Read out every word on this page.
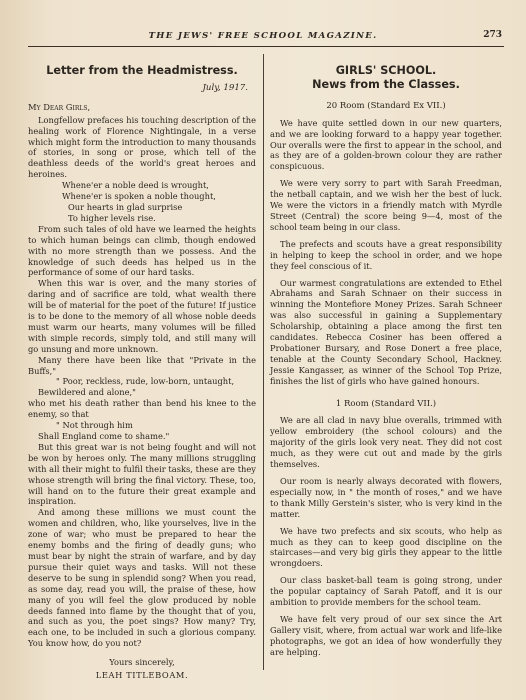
THE JEWS' FREE SCHOOL MAGAZINE.	273
Letter from the Headmistress.
July, 1917.
My Dear Girls,

Longfellow prefaces his touching description of the healing work of Florence Nightingale, in a verse which might form the introduction to many thousands of stories, in song or prose, which tell of the deathless deeds of the world's great heroes and heroines.

Whene'er a noble deed is wrought,
Whene'er is spoken a noble thought,
Our hearts in glad surprise
To higher levels rise.

From such tales of old have we learned the heights to which human beings can climb, though endowed with no more strength than we possess. And the knowledge of such deeds has helped us in the performance of some of our hard tasks.

When this war is over, and the many stories of daring and of sacrifice are told, what wealth there will be of material for the poet of the future! If justice is to be done to the memory of all whose noble deeds must warm our hearts, many volumes will be filled with simple records, simply told, and still many will go unsung and more unknown.

Many there have been like that "Private in the Buffs,"

" Poor, reckless, rude, low-born, untaught,
Bewildered and alone,"

who met his death rather than bend his knee to the enemy, so that

" Not through him
Shall England come to shame."

But this great war is not being fought and will not be won by heroes only. The many millions struggling with all their might to fulfil their tasks, these are they whose strength will bring the final victory. These, too, will hand on to the future their great example and inspiration.

And among these millions we must count the women and children, who, like yourselves, live in the zone of war; who must be prepared to hear the enemy bombs and the firing of deadly guns; who must bear by night the strain of warfare, and by day pursue their quiet ways and tasks. Will not these deserve to be sung in splendid song? When you read, as some day, read you will, the praise of these, how many of you will feel the glow produced by noble deeds fanned into flame by the thought that of you, and such as you, the poet sings? How many? Try, each one, to be included in such a glorious company. You know how, do you not?

Yours sincerely,
LEAH TITLEBOAM.
GIRLS' SCHOOL.
News from the Classes.
20 Room (Standard Ex VII.)

We have quite settled down in our new quarters, and we are looking forward to a happy year together. Our overalls were the first to appear in the school, and as they are of a golden-brown colour they are rather conspicuous.

We were very sorry to part with Sarah Freedman, the netball captain, and we wish her the best of luck. We were the victors in a friendly match with Myrdle Street (Central) the score being 9—4, most of the school team being in our class.

The prefects and scouts have a great responsibility in helping to keep the school in order, and we hope they feel conscious of it.

Our warmest congratulations are extended to Ethel Abrahams and Sarah Schnaer on their success in winning the Montefiore Money Prizes. Sarah Schneer was also successful in gaining a Supplementary Scholarship, obtaining a place among the first ten candidates. Rebecca Cosiner has been offered a Probationer Bursary, and Rose Donert a free place, tenable at the County Secondary School, Hackney. Jessie Kangasser, as winner of the School Top Prize, finishes the list of girls who have gained honours.

1 Room (Standard VII.)

We are all clad in navy blue overalls, trimmed with yellow embroidery (the school colours) and the majority of the girls look very neat. They did not cost much, as they were cut out and made by the girls themselves.

Our room is nearly always decorated with flowers, especially now, in " the month of roses," and we have to thank Milly Gerstein's sister, who is very kind in the matter.

We have two prefects and six scouts, who help as much as they can to keep good discipline on the staircases—and very big girls they appear to the little wrongdoers.

Our class basket-ball team is going strong, under the popular captaincy of Sarah Patoff, and it is our ambition to provide members for the school team.

We have felt very proud of our sex since the Art Gallery visit, where, from actual war work and life-like photographs, we got an idea of how wonderfully they are helping.
